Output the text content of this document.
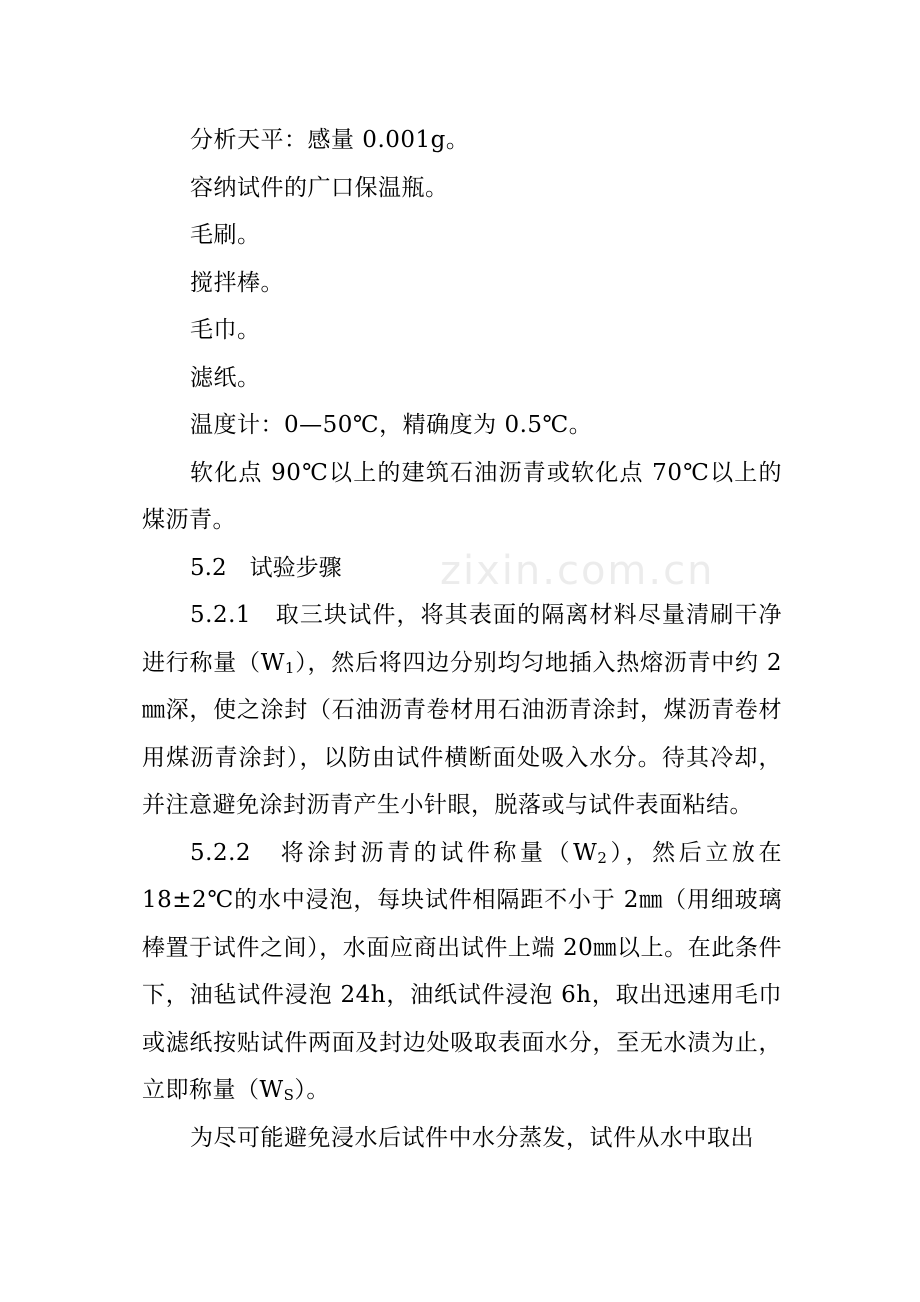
分析天平：感量 0.001g。

容纳试件的广口保温瓶。

毛刷。

搅拌棒。

毛巾。

滤纸。

温度计：0—50℃，精确度为 0.5℃。

软化点 90℃以上的建筑石油沥青或软化点 70℃以上的煤沥青。

5.2　试验步骤

5.2.1　取三块试件，将其表面的隔离材料尽量清刷干净进行称量$(W_1)$，然后将四边分别均匀地插入热熔沥青中约 2㎜深，使之涂封（石油沥青卷材用石油沥青涂封，煤沥青卷材用煤沥青涂封），以防由试件横断面处吸入水分。待其冷却，并注意避免涂封沥青产生小针眼，脱落或与试件表面粘结。

5.2.2　将涂封沥青的试件称量$(W_2)$，然后立放在 18±2℃的水中浸泡，每块试件相隔距不小于 2㎜（用细玻璃棒置于试件之间），水面应商出试件上端 20㎜以上。在此条件下，油毡试件浸泡 24h，油纸试件浸泡 6h，取出迅速用毛巾或滤纸按贴试件两面及封边处吸取表面水分，至无水渍为止，立即称量$(W_S)$。

为尽可能避免浸水后试件中水分蒸发，试件从水中取出

zixin.com.cn
